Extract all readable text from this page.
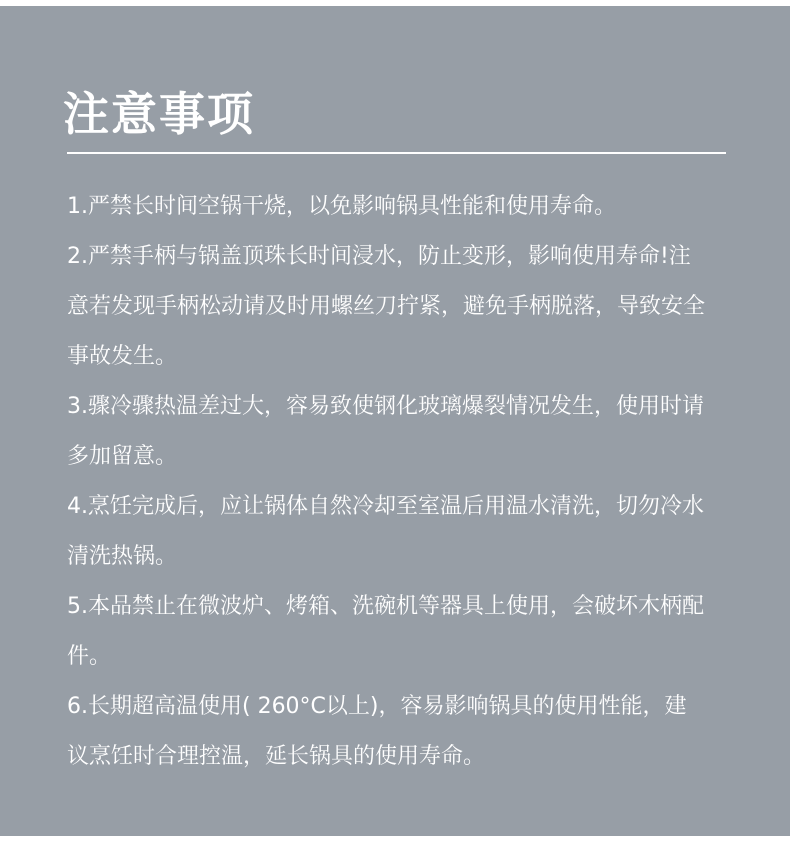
注意事项

1.严禁长时间空锅干烧，以免影响锅具性能和使用寿命。

2.严禁手柄与锅盖顶珠长时间浸水，防止变形，影响使用寿命!注意若发现手柄松动请及时用螺丝刀拧紧，避免手柄脱落，导致安全事故发生。

3.骤冷骤热温差过大，容易致使钢化玻璃爆裂情况发生，使用时请多加留意。

4.烹饪完成后，应让锅体自然冷却至室温后用温水清洗，切勿冷水清洗热锅。

5.本品禁止在微波炉、烤箱、洗碗机等器具上使用，会破坏木柄配件。

6.长期超高温使用( 260°C以上)，容易影响锅具的使用性能，建议烹饪时合理控温，延长锅具的使用寿命。
